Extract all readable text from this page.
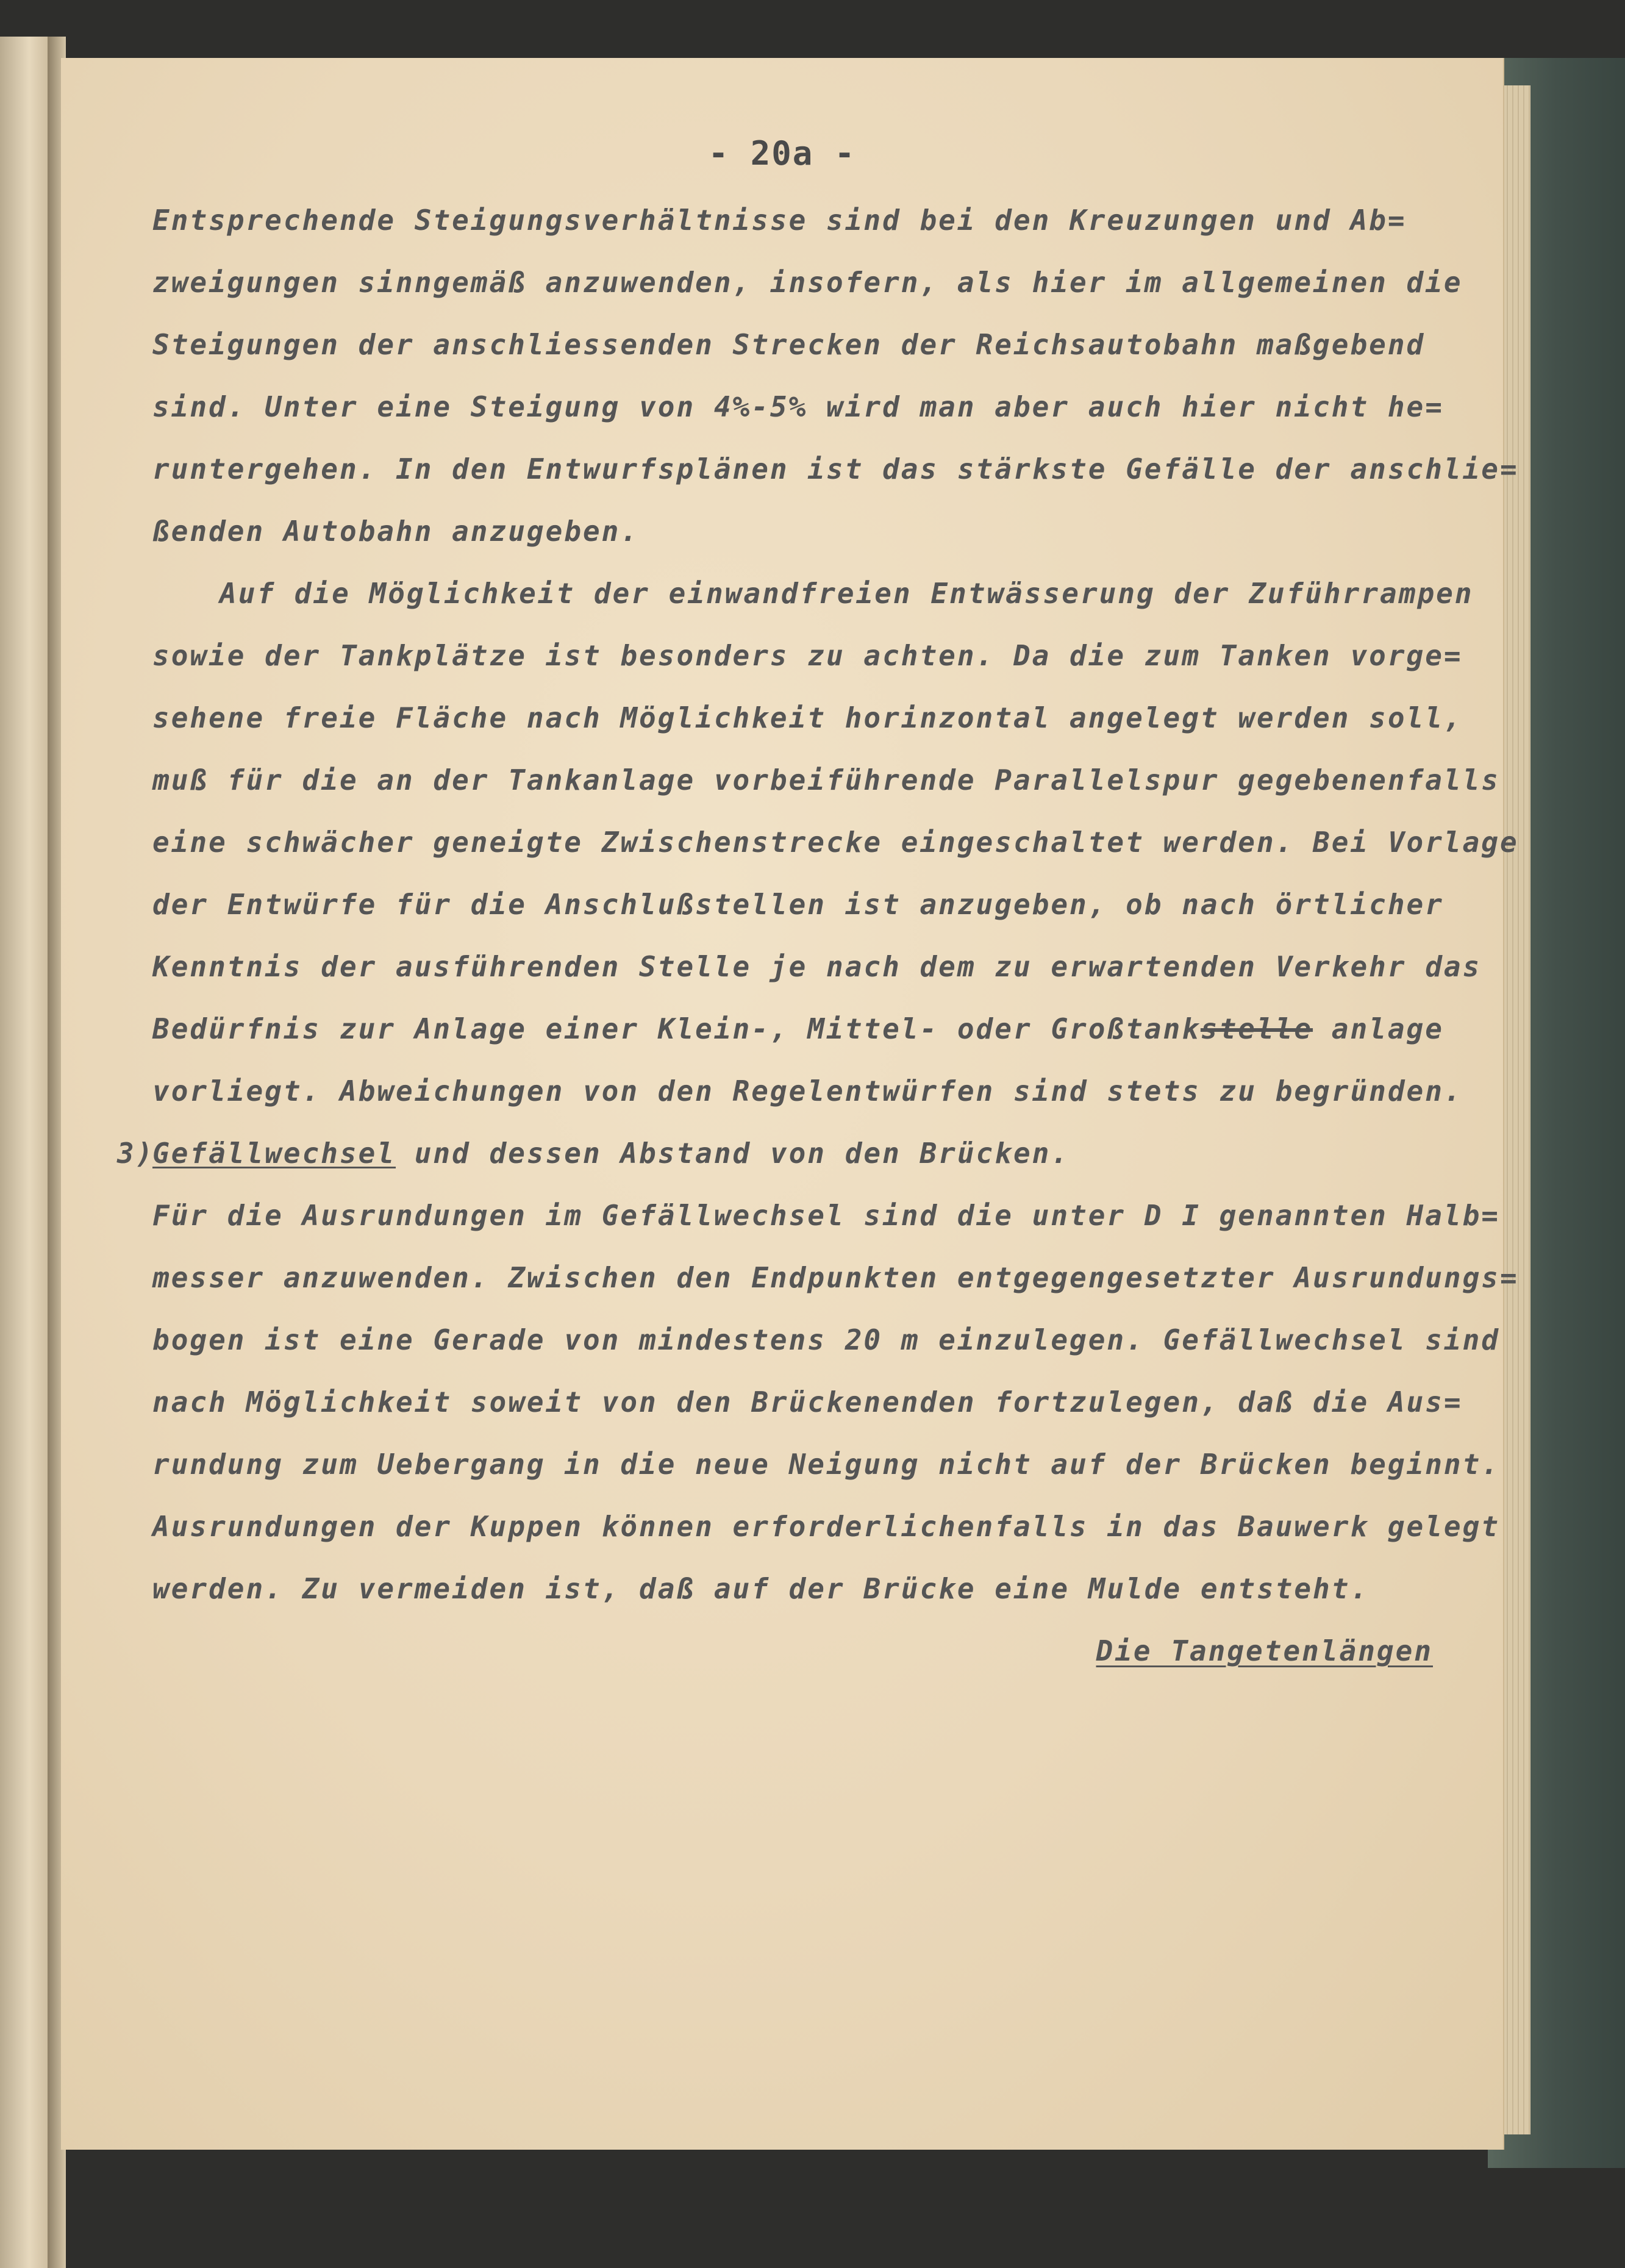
- 20a -
Entsprechende Steigungsverhältnisse sind bei den Kreuzungen und Ab=
zweigungen sinngemäß anzuwenden, insofern, als hier im allgemeinen die
Steigungen der anschliessenden Strecken der Reichsautobahn maßgebend
sind. Unter eine Steigung von 4%-5% wird man aber auch hier nicht he=
runtergehen. In den Entwurfsplänen ist das stärkste Gefälle der anschlie=
ßenden Autobahn anzugeben.
Auf die Möglichkeit der einwandfreien Entwässerung der Zuführrampen
sowie der Tankplätze ist besonders zu achten. Da die zum Tanken vorge=
sehene freie Fläche nach Möglichkeit horinzontal angelegt werden soll,
muß für die an der Tankanlage vorbeiführende Parallelspur gegebenenfalls
eine schwächer geneigte Zwischenstrecke eingeschaltet werden. Bei Vorlage
der Entwürfe für die Anschlußstellen ist anzugeben, ob nach örtlicher
Kenntnis der ausführenden Stelle je nach dem zu erwartenden Verkehr das
Bedürfnis zur Anlage einer Klein-, Mittel- oder Großtankstelle anlage
vorliegt. Abweichungen von den Regelentwürfen sind stets zu begründen.
3)
Gefällwechsel und dessen Abstand von den Brücken.
Für die Ausrundungen im Gefällwechsel sind die unter D I genannten Halb=
messer anzuwenden. Zwischen den Endpunkten entgegengesetzter Ausrundungs=
bogen ist eine Gerade von mindestens 20 m einzulegen. Gefällwechsel sind
nach Möglichkeit soweit von den Brückenenden fortzulegen, daß die Aus=
rundung zum Uebergang in die neue Neigung nicht auf der Brücken beginnt.
Ausrundungen der Kuppen können erforderlichenfalls in das Bauwerk gelegt
werden. Zu vermeiden ist, daß auf der Brücke eine Mulde entsteht.
Die Tangetenlängen
